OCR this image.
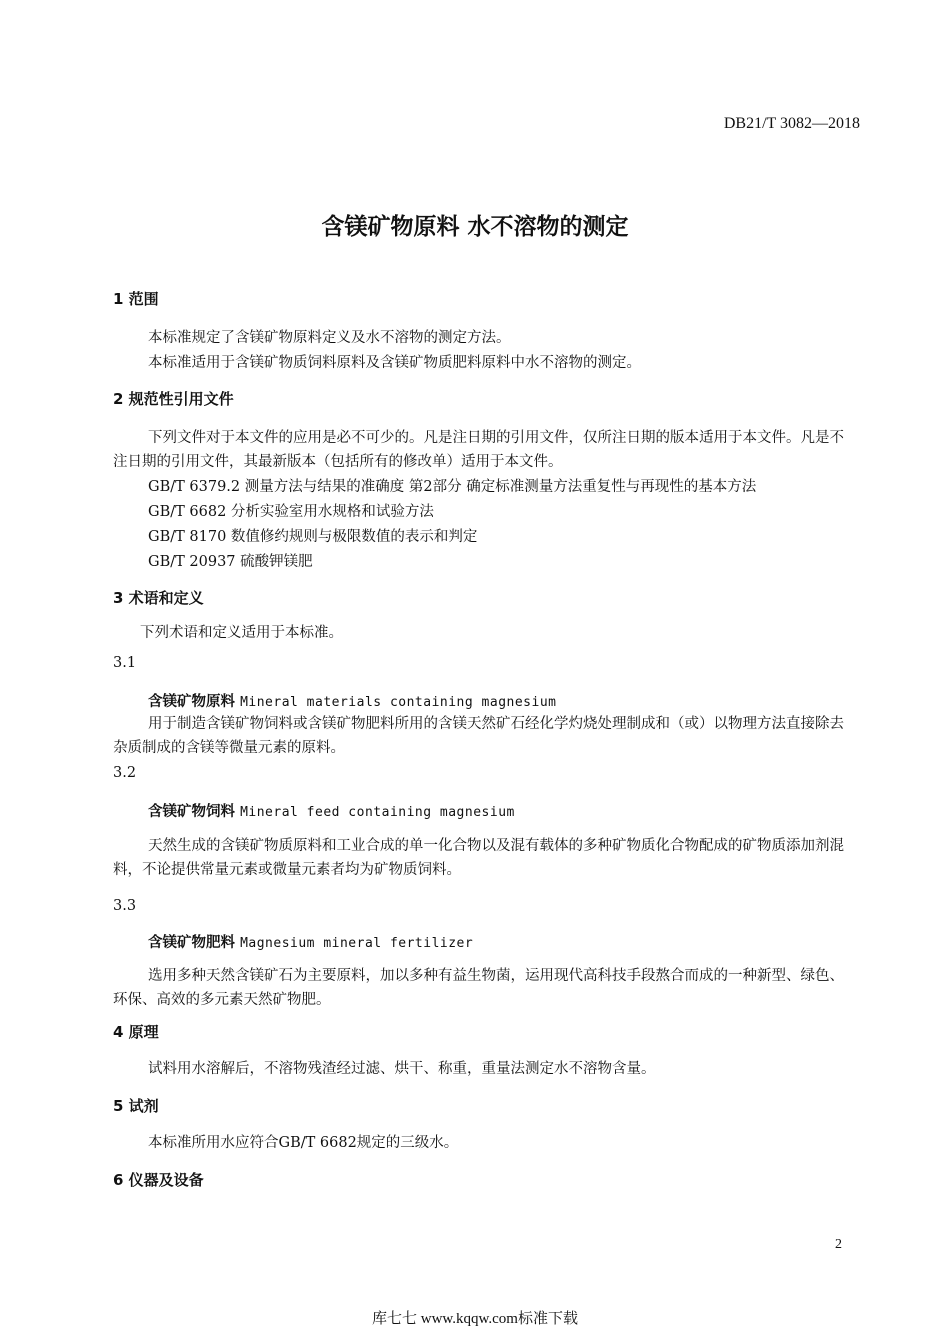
DB21/T 3082—2018
含镁矿物原料 水不溶物的测定
1 范围
本标准规定了含镁矿物原料定义及水不溶物的测定方法。
本标准适用于含镁矿物质饲料原料及含镁矿物质肥料原料中水不溶物的测定。
2 规范性引用文件
下列文件对于本文件的应用是必不可少的。凡是注日期的引用文件，仅所注日期的版本适用于本文件。凡是不注日期的引用文件，其最新版本（包括所有的修改单）适用于本文件。
GB/T 6379.2 测量方法与结果的准确度 第2部分 确定标准测量方法重复性与再现性的基本方法
GB/T 6682 分析实验室用水规格和试验方法
GB/T 8170 数值修约规则与极限数值的表示和判定
GB/T 20937 硫酸钾镁肥
3 术语和定义
下列术语和定义适用于本标准。
3.1
含镁矿物原料 Mineral materials containing magnesium
用于制造含镁矿物饲料或含镁矿物肥料所用的含镁天然矿石经化学灼烧处理制成和（或）以物理方法直接除去杂质制成的含镁等微量元素的原料。
3.2
含镁矿物饲料 Mineral feed containing magnesium
天然生成的含镁矿物质原料和工业合成的单一化合物以及混有载体的多种矿物质化合物配成的矿物质添加剂混料，不论提供常量元素或微量元素者均为矿物质饲料。
3.3
含镁矿物肥料 Magnesium mineral fertilizer
选用多种天然含镁矿石为主要原料，加以多种有益生物菌，运用现代高科技手段熬合而成的一种新型、绿色、环保、高效的多元素天然矿物肥。
4 原理
试料用水溶解后，不溶物残渣经过滤、烘干、称重，重量法测定水不溶物含量。
5 试剂
本标准所用水应符合GB/T 6682规定的三级水。
6 仪器及设备
2
库七七 www.kqqw.com标准下载
